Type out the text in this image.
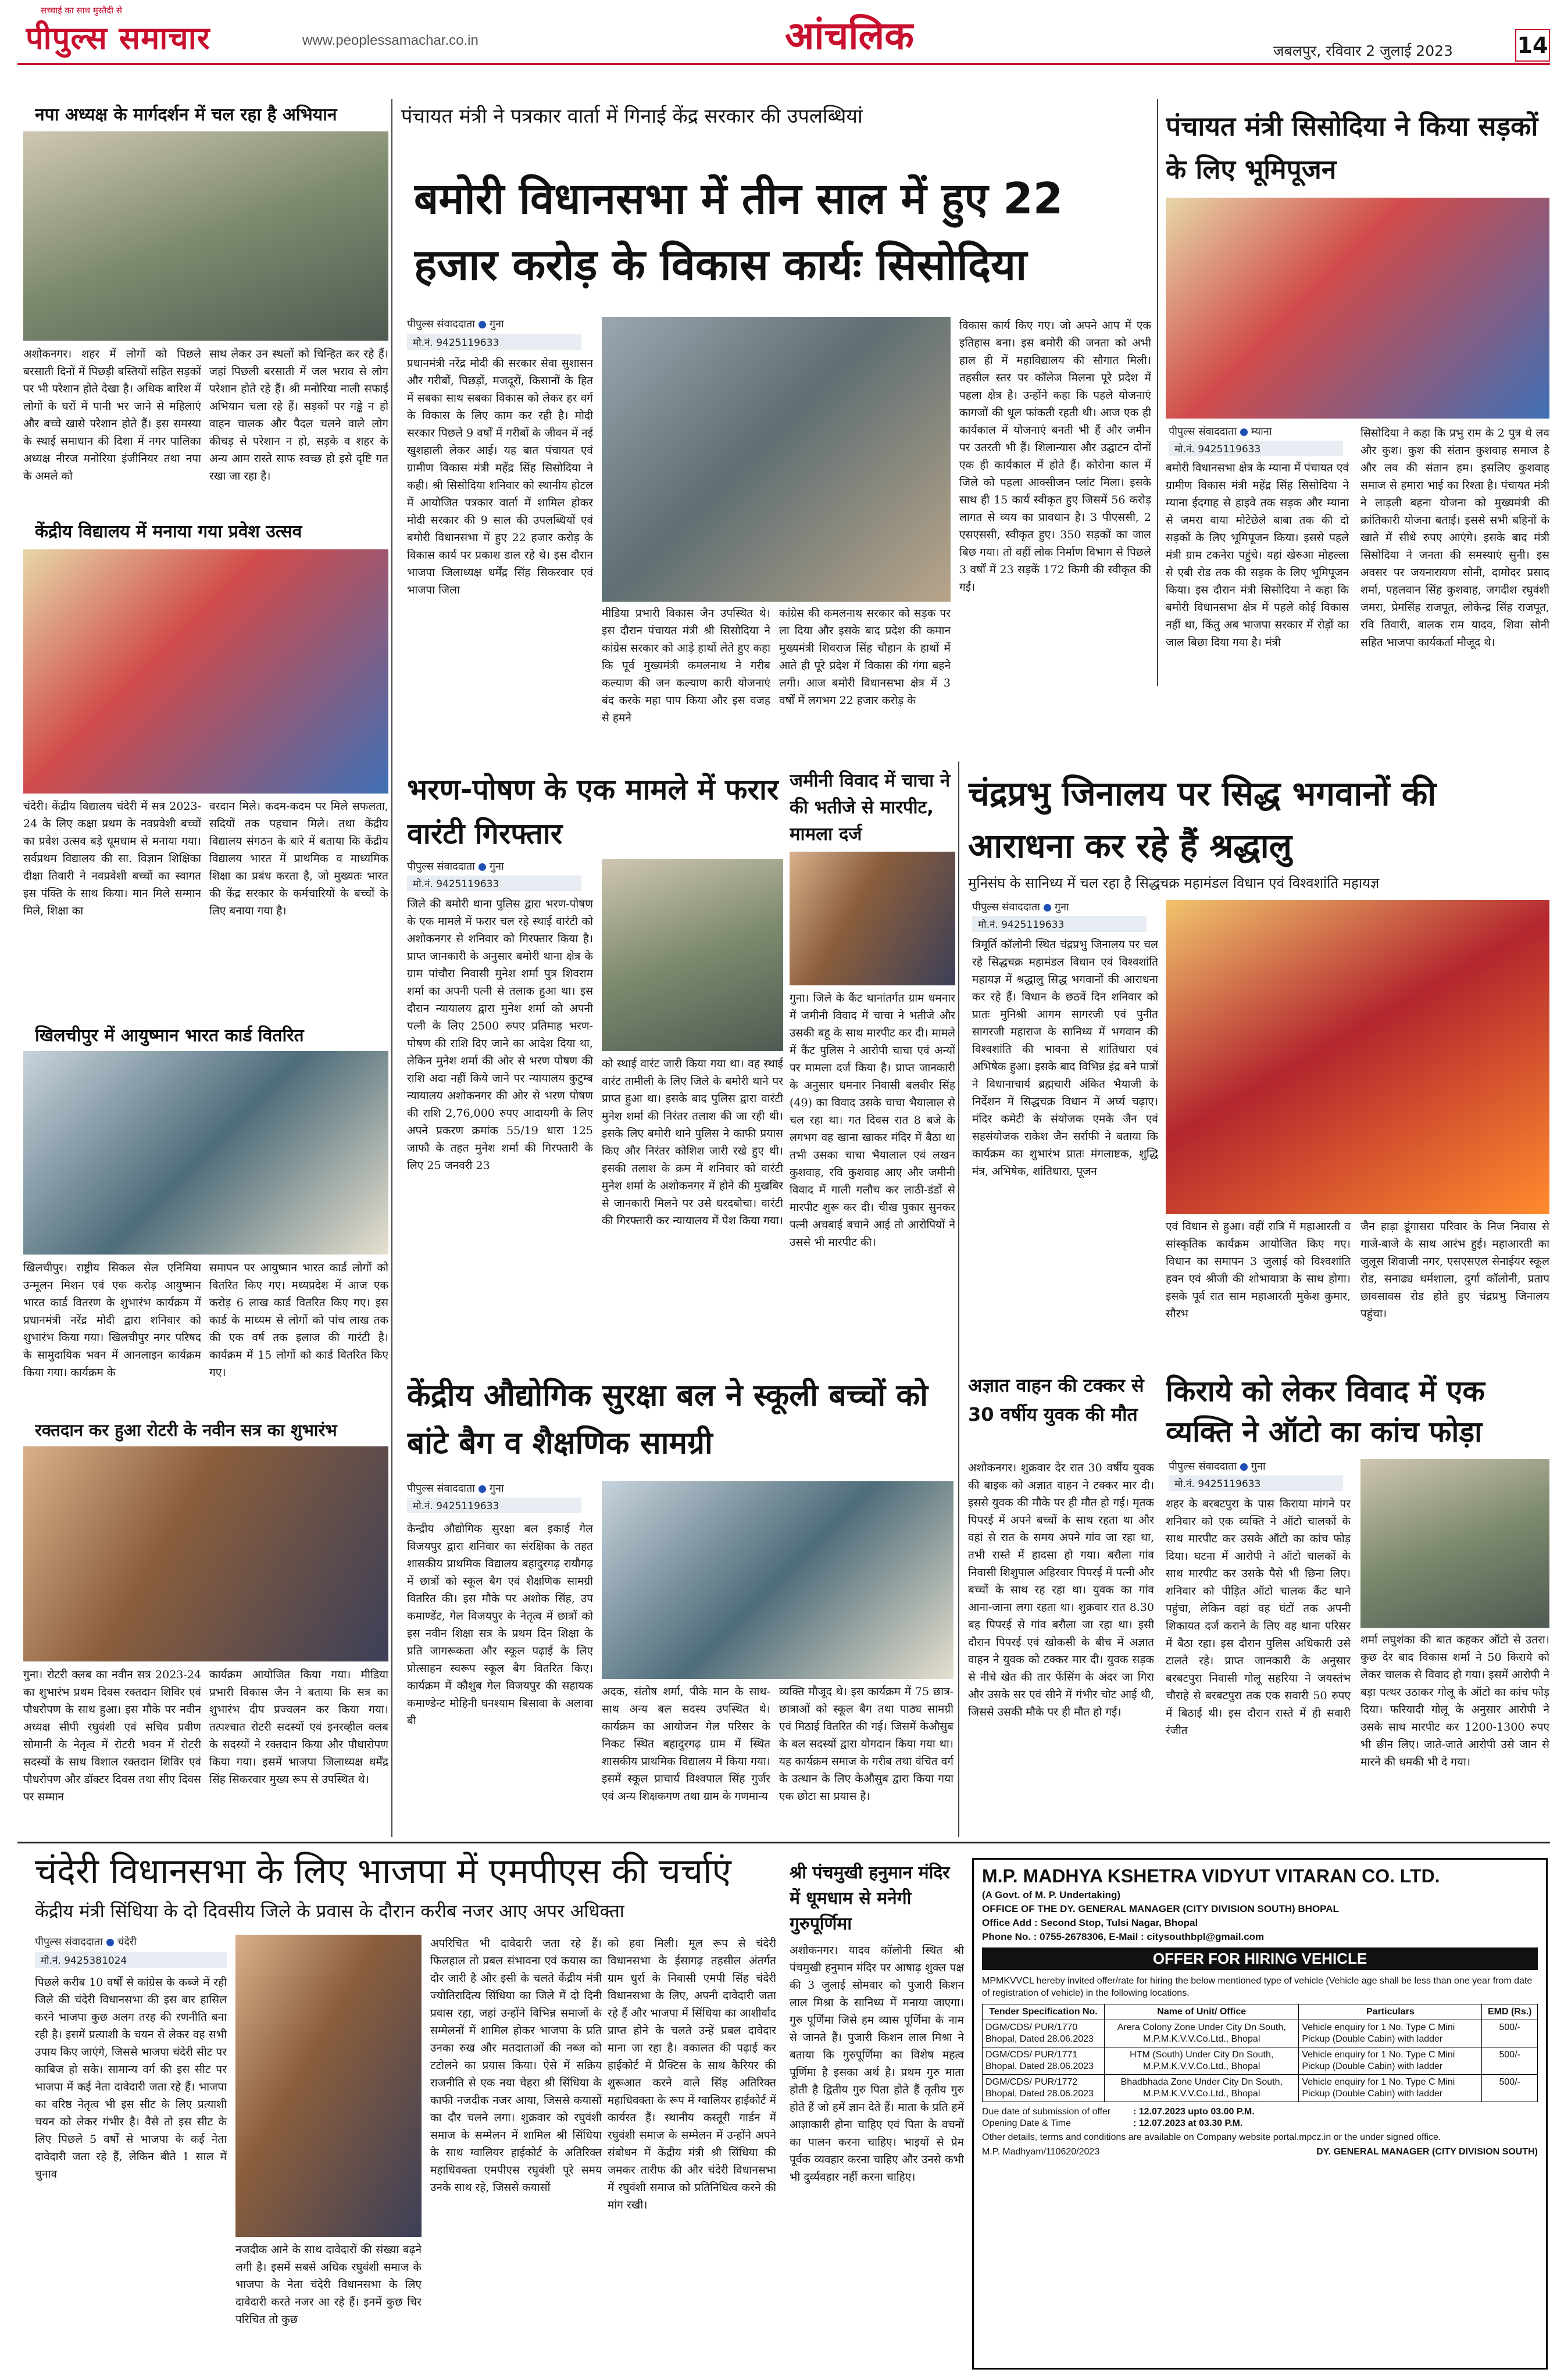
सच्चाई का साथ मुस्तैदी से
पीपुल्स समाचार	www.peoplessamachar.co.in	आंचलिक	जबलपुर, रविवार 2 जुलाई 2023	14
नपा अध्यक्ष के मार्गदर्शन में चल रहा है अभियान
अशोकनगर। शहर में लोगों को पिछले बरसाती दिनों में पिछड़ी बस्तियों सहित सड़कों पर भी परेशान होते देखा है। अधिक बारिश में लोगों के घरों में पानी भर जाने से महिलाएं और बच्चे खासे परेशान होते हैं। इस समस्या के स्थाई समाधान की दिशा में नगर पालिका अध्यक्ष नीरज मनोरिया इंजीनियर तथा नपा के अमले को
साथ लेकर उन स्थलों को चिन्हित कर रहे हैं। जहां पिछली बरसाती में जल भराव से लोग परेशान होते रहे हैं। श्री मनोरिया नाली सफाई अभियान चला रहे हैं। सड़कों पर गड्ढे न हो वाहन चालक और पैदल चलने वाले लोग कीचड़ से परेशान न हो, सड़के व शहर के अन्य आम रास्ते साफ स्वच्छ हो इसे दृष्टि गत रखा जा रहा है।
केंद्रीय विद्यालय में मनाया गया प्रवेश उत्सव
चंदेरी। केंद्रीय विद्यालय चंदेरी में सत्र 2023-24 के लिए कक्षा प्रथम के नवप्रवेशी बच्चों का प्रवेश उत्सव बड़े धूमधाम से मनाया गया। सर्वप्रथम विद्यालय की सा. विज्ञान शिक्षिका दीक्षा तिवारी ने नवप्रवेशी बच्चों का स्वागत इस पंक्ति के साथ किया। मान मिले सम्मान मिले, शिक्षा का
वरदान मिले। कदम-कदम पर मिले सफलता, सदियों तक पहचान मिले। तथा केंद्रीय विद्यालय संगठन के बारे में बताया कि केंद्रीय विद्यालय भारत में प्राथमिक व माध्यमिक शिक्षा का प्रबंध करता है, जो मुख्यतः भारत की केंद्र सरकार के कर्मचारियों के बच्चों के लिए बनाया गया है।
खिलचीपुर में आयुष्मान भारत कार्ड वितरित
खिलचीपुर। राष्ट्रीय सिकल सेल एनिमिया उन्मूलन मिशन एवं एक करोड़ आयुष्मान भारत कार्ड वितरण के शुभारंभ कार्यक्रम में प्रधानमंत्री नरेंद्र मोदी द्वारा शनिवार को शुभारंभ किया गया। खिलचीपुर नगर परिषद के सामुदायिक भवन में आनलाइन कार्यक्रम किया गया। कार्यक्रम के
समापन पर आयुष्मान भारत कार्ड लोगों को वितरित किए गए। मध्यप्रदेश में आज एक करोड़ 6 लाख कार्ड वितरित किए गए। इस कार्ड के माध्यम से लोगों को पांच लाख तक की एक वर्ष तक इलाज की गारंटी है। कार्यक्रम में 15 लोगों को कार्ड वितरित किए गए।
रक्तदान कर हुआ रोटरी के नवीन सत्र का शुभारंभ
गुना। रोटरी क्लब का नवीन सत्र 2023-24 का शुभारंभ प्रथम दिवस रक्तदान शिविर एवं पौधरोपण के साथ हुआ। इस मौके पर नवीन अध्यक्ष सीपी रघुवंशी एवं सचिव प्रवीण सोमानी के नेतृत्व में रोटरी भवन में रोटरी सदस्यों के साथ विशाल रक्तदान शिविर एवं पौधरोपण और डॉक्टर दिवस तथा सीए दिवस पर सम्मान
कार्यक्रम आयोजित किया गया। मीडिया प्रभारी विकास जैन ने बताया कि सत्र का शुभारंभ दीप प्रज्वलन कर किया गया। तत्पश्चात रोटरी सदस्यों एवं इनरव्हील क्लब के सदस्यों ने रक्तदान किया और पौधारोपण किया गया। इसमें भाजपा जिलाध्यक्ष धर्मेंद्र सिंह सिकरवार मुख्य रूप से उपस्थित थे।
पंचायत मंत्री ने पत्रकार वार्ता में गिनाई केंद्र सरकार की उपलब्धियां
बमोरी विधानसभा में तीन साल में हुए 22 हजार करोड़ के विकास कार्यः सिसोदिया
पीपुल्स संवाददाता गुना
मो.नं. 9425119633
प्रधानमंत्री नरेंद्र मोदी की सरकार सेवा सुशासन और गरीबों, पिछड़ों, मजदूरों, किसानों के हित में सबका साथ सबका विकास को लेकर हर वर्ग के विकास के लिए काम कर रही है। मोदी सरकार पिछले 9 वर्षों में गरीबों के जीवन में नई खुशहाली लेकर आई। यह बात पंचायत एवं ग्रामीण विकास मंत्री महेंद्र सिंह सिसोदिया ने कही। श्री सिसोदिया शनिवार को स्थानीय होटल में आयोजित पत्रकार वार्ता में शामिल होकर मोदी सरकार की 9 साल की उपलब्धियों एवं बमोरी विधानसभा में हुए 22 हजार करोड़ के विकास कार्य पर प्रकाश डाल रहे थे। इस दौरान भाजपा जिलाध्यक्ष धर्मेंद्र सिंह सिकरवार एवं भाजपा जिला
मीडिया प्रभारी विकास जैन उपस्थित थे। इस दौरान पंचायत मंत्री श्री सिसोदिया ने कांग्रेस सरकार को आड़े हाथों लेते हुए कहा कि पूर्व मुख्यमंत्री कमलनाथ ने गरीब कल्याण की जन कल्याण कारी योजनाएं बंद करके महा पाप किया और इस वजह से हमने
कांग्रेस की कमलनाथ सरकार को सड़क पर ला दिया और इसके बाद प्रदेश की कमान मुख्यमंत्री शिवराज सिंह चौहान के हाथों में आते ही पूरे प्रदेश में विकास की गंगा बहने लगी। आज बमोरी विधानसभा क्षेत्र में 3 वर्षों में लगभग 22 हजार करोड़ के
विकास कार्य किए गए। जो अपने आप में एक इतिहास बना। इस बमोरी की जनता को अभी हाल ही में महाविद्यालय की सौगात मिली। तहसील स्तर पर कॉलेज मिलना पूरे प्रदेश में पहला क्षेत्र है। उन्होंने कहा कि पहले योजनाएं कागजों की धूल फांकती रहती थी। आज एक ही कार्यकाल में योजनाएं बनती भी हैं और जमीन पर उतरती भी हैं। शिलान्यास और उद्घाटन दोनों एक ही कार्यकाल में होते हैं। कोरोना काल में जिले को पहला आक्सीजन प्लांट मिला। इसके साथ ही 15 कार्य स्वीकृत हुए जिसमें 56 करोड़ लागत से व्यय का प्रावधान है। 3 पीएससी, 2 एसएससी, स्वीकृत हुए। 350 सड़कों का जाल बिछ गया। तो वहीं लोक निर्माण विभाग से पिछले 3 वर्षों में 23 सड़कें 172 किमी की स्वीकृत की गईं।
पंचायत मंत्री सिसोदिया ने किया सड़कों के लिए भूमिपूजन
पीपुल्स संवाददाता म्याना
मो.नं. 9425119633
बमोरी विधानसभा क्षेत्र के म्याना में पंचायत एवं ग्रामीण विकास मंत्री महेंद्र सिंह सिसोदिया ने म्याना ईदगाह से हाइवे तक सड़क और म्याना से जमरा वाया मोटेछेले बाबा तक की दो सड़कों के लिए भूमिपूजन किया। इससे पहले मंत्री ग्राम टकनेरा पहुंचे। यहां खेरुआ मोहल्ला से एबी रोड तक की सड़क के लिए भूमिपूजन किया। इस दौरान मंत्री सिसोदिया ने कहा कि बमोरी विधानसभा क्षेत्र में पहले कोई विकास नहीं था, किंतु अब भाजपा सरकार में रोड़ों का जाल बिछा दिया गया है। मंत्री
सिसोदिया ने कहा कि प्रभु राम के 2 पुत्र थे लव और कुश। कुश की संतान कुशवाह समाज है और लव की संतान हम। इसलिए कुशवाह समाज से हमारा भाई का रिश्ता है। पंचायत मंत्री ने लाड़ली बहना योजना को मुख्यमंत्री की क्रांतिकारी योजना बताई। इससे सभी बहिनों के खाते में सीधे रुपए आएंगे। इसके बाद मंत्री सिसोदिया ने जनता की समस्याएं सुनी। इस अवसर पर जयनारायण सोनी, दामोदर प्रसाद शर्मा, पहलवान सिंह कुशवाह, जगदीश रघुवंशी जमरा, प्रेमसिंह राजपूत, लोकेन्द्र सिंह राजपूत, रवि तिवारी, बालक राम यादव, शिवा सोनी सहित भाजपा कार्यकर्ता मौजूद थे।
भरण-पोषण के एक मामले में फरार वारंटी गिरफ्तार
पीपुल्स संवाददाता गुना
मो.नं. 9425119633
जिले की बमोरी थाना पुलिस द्वारा भरण-पोषण के एक मामले में फरार चल रहे स्थाई वारंटी को अशोकनगर से शनिवार को गिरफ्तार किया है। प्राप्त जानकारी के अनुसार बमोरी थाना क्षेत्र के ग्राम पांचौरा निवासी मुनेश शर्मा पुत्र शिवराम शर्मा का अपनी पत्नी से तलाक हुआ था। इस दौरान न्यायालय द्वारा मुनेश शर्मा को अपनी पत्नी के लिए 2500 रुपए प्रतिमाह भरण-पोषण की राशि दिए जाने का आदेश दिया था, लेकिन मुनेश शर्मा की ओर से भरण पोषण की राशि अदा नहीं किये जाने पर न्यायालय कुटुम्ब न्यायालय अशोकनगर की ओर से भरण पोषण की राशि 2,76,000 रुपए आदायगी के लिए अपने प्रकरण क्रमांक 55/19 धारा 125 जाफौ के तहत मुनेश शर्मा की गिरफ्तारी के लिए 25 जनवरी 23
को स्थाई वारंट जारी किया गया था। वह स्थाई वारंट तामीली के लिए जिले के बमोरी थाने पर प्राप्त हुआ था। इसके बाद पुलिस द्वारा वारंटी मुनेश शर्मा की निरंतर तलाश की जा रही थी। इसके लिए बमोरी थाने पुलिस ने काफी प्रयास किए और निरंतर कोशिश जारी रखे हुए थी। इसकी तलाश के क्रम में शनिवार को वारंटी मुनेश शर्मा के अशोकनगर में होने की मुखबिर से जानकारी मिलने पर उसे धरदबोचा। वारंटी की गिरफ्तारी कर न्यायालय में पेश किया गया।
जमीनी विवाद में चाचा ने की भतीजे से मारपीट, मामला दर्ज
गुना। जिले के कैंट थानांतर्गत ग्राम धमनार में जमीनी विवाद में चाचा ने भतीजे और उसकी बहू के साथ मारपीट कर दी। मामले में कैंट पुलिस ने आरोपी चाचा एवं अन्यों पर मामला दर्ज किया है। प्राप्त जानकारी के अनुसार धमनार निवासी बलवीर सिंह (49) का विवाद उसके चाचा भैयालाल से चल रहा था। गत दिवस रात 8 बजे के लगभग वह खाना खाकर मंदिर में बैठा था तभी उसका चाचा भैयालाल एवं लखन कुशवाह, रवि कुशवाह आए और जमीनी विवाद में गाली गलौच कर लाठी-डंडों से मारपीट शुरू कर दी। चीख पुकार सुनकर पत्नी अचबाई बचाने आई तो आरोपियों ने उससे भी मारपीट की।
चंद्रप्रभु जिनालय पर सिद्ध भगवानों की आराधना कर रहे हैं श्रद्धालु
मुनिसंघ के सानिध्य में चल रहा है सिद्धचक्र महामंडल विधान एवं विश्वशांति महायज्ञ
पीपुल्स संवाददाता गुना
मो.नं. 9425119633
त्रिमूर्ति कॉलोनी स्थित चंद्रप्रभु जिनालय पर चल रहे सिद्धचक्र महामंडल विधान एवं विश्वशांति महायज्ञ में श्रद्धालु सिद्ध भगवानों की आराधना कर रहे हैं। विधान के छठवें दिन शनिवार को प्रातः मुनिश्री आगम सागरजी एवं पुनीत सागरजी महाराज के सानिध्य में भगवान की विश्वशांति की भावना से शांतिधारा एवं अभिषेक हुआ। इसके बाद विभिन्न इंद्र बने पात्रों ने विधानाचार्य ब्रह्मचारी अंकित भैयाजी के निर्देशन में सिद्धचक्र विधान में अर्घ्य चढ़ाए। मंदिर कमेटी के संयोजक एमके जैन एवं सहसंयोजक राकेश जैन सर्राफी ने बताया कि कार्यक्रम का शुभारंभ प्रातः मंगलाष्टक, शुद्धि मंत्र, अभिषेक, शांतिधारा, पूजन
एवं विधान से हुआ। वहीं रात्रि में महाआरती व सांस्कृतिक कार्यक्रम आयोजित किए गए। विधान का समापन 3 जुलाई को विश्वशांति हवन एवं श्रीजी की शोभायात्रा के साथ होगा। इसके पूर्व रात साम महाआरती मुकेश कुमार, सौरभ
जैन हाड़ा डूंगासरा परिवार के निज निवास से गाजे-बाजे के साथ आरंभ हुई। महाआरती का जुलूस शिवाजी नगर, एसएसएल सेनाईयर स्कूल रोड, सनाढ्य धर्मशाला, दुर्गा कॉलोनी, प्रताप छावसावस रोड होते हुए चंद्रप्रभु जिनालय पहुंचा।
केंद्रीय औद्योगिक सुरक्षा बल ने स्कूली बच्चों को बांटे बैग व शैक्षणिक सामग्री
पीपुल्स संवाददाता गुना
मो.नं. 9425119633
केन्द्रीय औद्योगिक सुरक्षा बल इकाई गेल विजयपुर द्वारा शनिवार का संरक्षिका के तहत शासकीय प्राथमिक विद्यालय बहादुरगढ़ रायौगढ़ में छात्रों को स्कूल बैग एवं शैक्षणिक सामग्री वितरित की। इस मौके पर अशोक सिंह, उप कमाण्डेंट, गेल विजयपुर के नेतृत्व में छात्रों को इस नवीन शिक्षा सत्र के प्रथम दिन शिक्षा के प्रति जागरूकता और स्कूल पढ़ाई के लिए प्रोत्साहन स्वरूप स्कूल बैग वितरित किए। कार्यक्रम में कौशुब गेल विजयपुर की सहायक कमाण्डेन्ट मोहिनी घनश्याम बिसावा के अलावा बी
अदक, संतोष शर्मा, पीके मान के साथ-साथ अन्य बल सदस्य उपस्थित थे। कार्यक्रम का आयोजन गेल परिसर के निकट स्थित बहादुरगढ़ ग्राम में स्थित शासकीय प्राथमिक विद्यालय में किया गया। इसमें स्कूल प्राचार्य विश्वपाल सिंह गुर्जर एवं अन्य शिक्षकगण तथा ग्राम के गणमान्य
व्यक्ति मौजूद थे। इस कार्यक्रम में 75 छात्र-छात्राओं को स्कूल बैग तथा पाठ्य सामग्री एवं मिठाई वितरित की गई। जिसमें केऔसुब के बल सदस्यों द्वारा योगदान किया गया था। यह कार्यक्रम समाज के गरीब तथा वंचित वर्ग के उत्थान के लिए केऔसुब द्वारा किया गया एक छोटा सा प्रयास है।
अज्ञात वाहन की टक्कर से 30 वर्षीय युवक की मौत
अशोकनगर। शुक्रवार देर रात 30 वर्षीय युवक की बाइक को अज्ञात वाहन ने टक्कर मार दी। इससे युवक की मौके पर ही मौत हो गई। मृतक पिपरई में अपने बच्चों के साथ रहता था और वहां से रात के समय अपने गांव जा रहा था, तभी रास्ते में हादसा हो गया। बरौला गांव निवासी शिशुपाल अहिरवार पिपरई में पत्नी और बच्चों के साथ रह रहा था। युवक का गांव आना-जाना लगा रहता था। शुक्रवार रात 8.30 बह पिपरई से गांव बरौला जा रहा था। इसी दौरान पिपरई एवं खोकसी के बीच में अज्ञात वाहन ने युवक को टक्कर मार दी। युवक सड़क से नीचे खेत की तार फेंसिंग के अंदर जा गिरा और उसके सर एवं सीने में गंभीर चोट आई थी, जिससे उसकी मौके पर ही मौत हो गई।
किराये को लेकर विवाद में एक व्यक्ति ने ऑटो का कांच फोड़ा
पीपुल्स संवाददाता गुना
मो.नं. 9425119633
शहर के बरबटपुरा के पास किराया मांगने पर शनिवार को एक व्यक्ति ने ऑटो चालकों के साथ मारपीट कर उसके ऑटो का कांच फोड़ दिया। घटना में आरोपी ने ऑटो चालकों के साथ मारपीट कर उसके पैसे भी छिना लिए। शनिवार को पीड़ित ऑटो चालक कैंट थाने पहुंचा, लेकिन वहां वह घंटों तक अपनी शिकायत दर्ज कराने के लिए वह थाना परिसर में बैठा रहा। इस दौरान पुलिस अधिकारी उसे टालते रहे। प्राप्त जानकारी के अनुसार बरबटपुरा निवासी गोलू सहरिया ने जयस्तंभ चौराहे से बरबटपुरा तक एक सवारी 50 रुपए में बिठाई थी। इस दौरान रास्ते में ही सवारी रंजीत
शर्मा लघुशंका की बात कहकर ऑटो से उतरा। कुछ देर बाद विकास शर्मा ने 50 किराये को लेकर चालक से विवाद हो गया। इसमें आरोपी ने बड़ा पत्थर उठाकर गोलू के ऑटो का कांच फोड़ दिया। फरियादी गोलू के अनुसार आरोपी ने उसके साथ मारपीट कर 1200-1300 रुपए भी छीन लिए। जाते-जाते आरोपी उसे जान से मारने की धमकी भी दे गया।
चंदेरी विधानसभा के लिए भाजपा में एमपीएस की चर्चाएं
केंद्रीय मंत्री सिंधिया के दो दिवसीय जिले के प्रवास के दौरान करीब नजर आए अपर अधिक्ता
पीपुल्स संवाददाता चंदेरी
मो.नं. 9425381024
पिछले करीब 10 वर्षों से कांग्रेस के कब्जे में रही जिले की चंदेरी विधानसभा की इस बार हासिल करने भाजपा कुछ अलग तरह की रणनीति बना रही है। इसमें प्रत्याशी के चयन से लेकर वह सभी उपाय किए जाएंगे, जिससे भाजपा चंदेरी सीट पर काबिज हो सके। सामान्य वर्ग की इस सीट पर भाजपा में कई नेता दावेदारी जता रहे हैं। भाजपा का वरिष्ठ नेतृत्व भी इस सीट के लिए प्रत्याशी चयन को लेकर गंभीर है। वैसे तो इस सीट के लिए पिछले 5 वर्षों से भाजपा के कई नेता दावेदारी जता रहे हैं, लेकिन बीते 1 साल में चुनाव
नजदीक आने के साथ दावेदारों की संख्या बढ़ने लगी है। इसमें सबसे अधिक रघुवंशी समाज के भाजपा के नेता चंदेरी विधानसभा के लिए दावेदारी करते नजर आ रहे हैं। इनमें कुछ चिर परिचित तो कुछ
अपरिचित भी दावेदारी जता रहे हैं। फिलहाल तो प्रबल संभावना एवं कयास का दौर जारी है और इसी के चलते केंद्रीय मंत्री ज्योतिरादित्य सिंधिया का जिले में दो दिनी प्रवास रहा, जहां उन्होंने विभिन्न समाजों के सम्मेलनों में शामिल होकर भाजपा के प्रति उनका रुख और मतदाताओं की नब्ज को टटोलने का प्रयास किया। ऐसे में सक्रिय राजनीति से एक नया चेहरा श्री सिंधिया के काफी नजदीक नजर आया, जिससे कयासों का दौर चलने लगा। शुक्रवार को रघुवंशी समाज के सम्मेलन में शामिल श्री सिंधिया के साथ ग्वालियर हाईकोर्ट के अतिरिक्त महाधिवक्ता एमपीएस रघुवंशी पूरे समय उनके साथ रहे, जिससे कयासों
को हवा मिली। मूल रूप से चंदेरी विधानसभा के ईसागढ़ तहसील अंतर्गत ग्राम धुर्रा के निवासी एमपी सिंह चंदेरी विधानसभा के लिए, अपनी दावेदारी जता रहे हैं और भाजपा में सिंधिया का आशीर्वाद प्राप्त होने के चलते उन्हें प्रबल दावेदार माना जा रहा है। वकालत की पढ़ाई कर हाईकोर्ट में प्रैक्टिस के साथ कैरियर की शुरूआत करने वाले सिंह अतिरिक्त महाधिवक्ता के रूप में ग्वालियर हाईकोर्ट में कार्यरत हैं। स्थानीय कस्तूरी गार्डन में रघुवंशी समाज के सम्मेलन में उन्होंने अपने संबोधन में केंद्रीय मंत्री श्री सिंधिया की जमकर तारीफ की और चंदेरी विधानसभा में रघुवंशी समाज को प्रतिनिधित्व करने की मांग रखी।
श्री पंचमुखी हनुमान मंदिर में धूमधाम से मनेगी गुरुपूर्णिमा
अशोकनगर। यादव कॉलोनी स्थित श्री पंचमुखी हनुमान मंदिर पर आषाढ़ शुक्ल पक्ष की 3 जुलाई सोमवार को पुजारी किशन लाल मिश्रा के सानिध्य में मनाया जाएगा। गुरु पूर्णिमा जिसे हम व्यास पूर्णिमा के नाम से जानते हैं। पुजारी किशन लाल मिश्रा ने बताया कि गुरुपूर्णिमा का विशेष महत्व पूर्णिमा है इसका अर्थ है। प्रथम गुरु माता होती है द्वितीय गुरु पिता होते हैं तृतीय गुरु होते हैं जो हमें ज्ञान देते हैं। माता के प्रति हमें आज्ञाकारी होना चाहिए एवं पिता के वचनों का पालन करना चाहिए। भाइयों से प्रेम पूर्वक व्यवहार करना चाहिए और उनसे कभी भी दुर्व्यवहार नहीं करना चाहिए।
M.P. MADHYA KSHETRA VIDYUT VITARAN CO. LTD.
(A Govt. of M. P. Undertaking)
OFFICE OF THE DY. GENERAL MANAGER (CITY DIVISION SOUTH) BHOPAL
Office Add : Second Stop, Tulsi Nagar, Bhopal
Phone No. : 0755-2678306, E-Mail : citysouthbpl@gmail.com
OFFER FOR HIRING VEHICLE
MPMKVVCL hereby invited offer/rate for hiring the below mentioned type of vehicle (Vehicle age shall be less than one year from date of registration of vehicle) in the following locations.
Tender Specification No.	Name of Unit/ Office	Particulars	EMD (Rs.)
DGM/CDS/ PUR/1770 Bhopal, Dated 28.06.2023	Arera Colony Zone Under City Dn South, M.P.M.K.V.V.Co.Ltd., Bhopal	Vehicle enquiry for 1 No. Type C Mini Pickup (Double Cabin) with ladder	500/-
DGM/CDS/ PUR/1771 Bhopal, Dated 28.06.2023	HTM (South) Under City Dn South, M.P.M.K.V.V.Co.Ltd., Bhopal	Vehicle enquiry for 1 No. Type C Mini Pickup (Double Cabin) with ladder	500/-
DGM/CDS/ PUR/1772 Bhopal, Dated 28.06.2023	Bhadbhada Zone Under City Dn South, M.P.M.K.V.V.Co.Ltd., Bhopal	Vehicle enquiry for 1 No. Type C Mini Pickup (Double Cabin) with ladder	500/-
Due date of submission of offer : 12.07.2023 upto 03.00 P.M.
Opening Date & Time	: 12.07.2023 at 03.30 P.M.
Other details, terms and conditions are available on Company website portal.mpcz.in or the under signed office.
M.P. Madhyam/110620/2023	DY. GENERAL MANAGER (CITY DIVISION SOUTH)
